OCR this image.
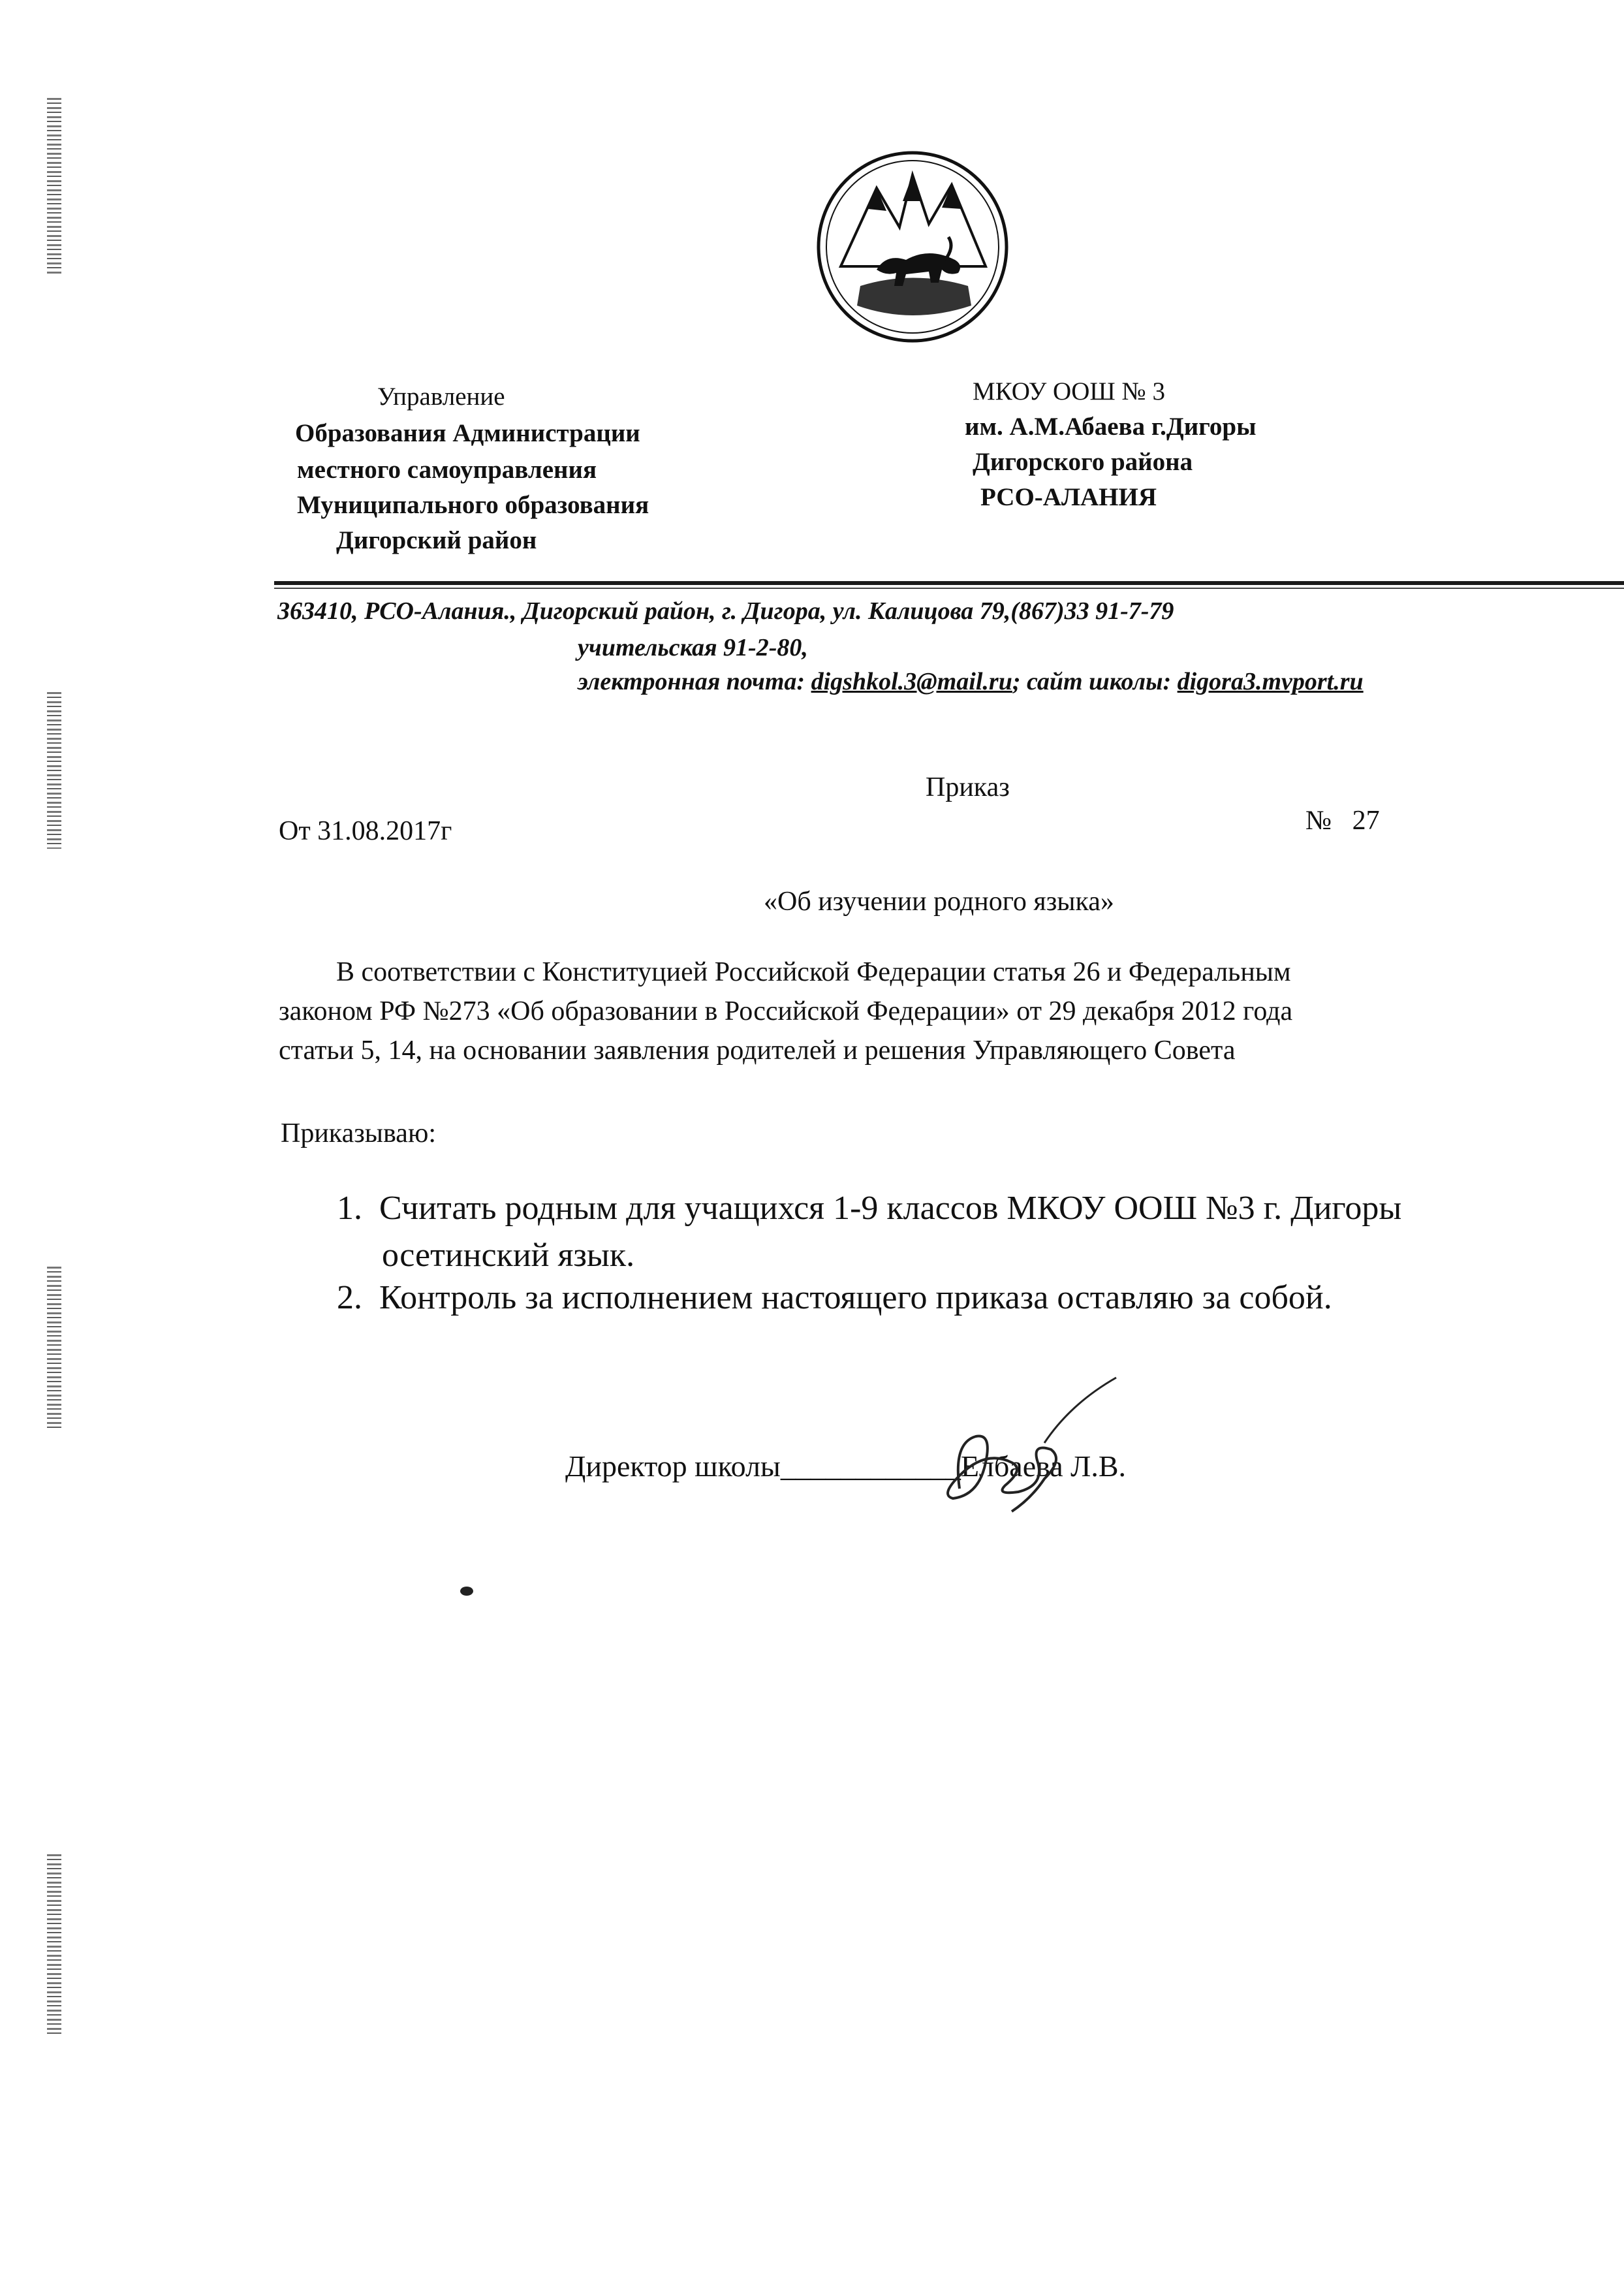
Управление
Образования Администрации
местного самоуправления
Муниципального образования
Дигорский район
МКОУ ООШ № 3
им. А.М.Абаева г.Дигоры
Дигорского района
РСО-АЛАНИЯ
363410, РСО-Алания., Дигорский район, г. Дигора, ул. Калицова 79,(867)33 91-7-79
учительская 91-2-80,
электронная почта: digshkol.3@mail.ru; сайт школы: digora3.mvport.ru
Приказ
От 31.08.2017г	№ 27
«Об изучении родного языка»
В соответствии с Конституцией Российской Федерации статья 26 и Федеральным
законом РФ №273 «Об образовании в Российской Федерации» от 29 декабря 2012 года
статьи 5, 14, на основании заявления родителей и решения Управляющего Совета
Приказываю:
1. Считать родным для учащихся 1-9 классов МКОУ ООШ №3 г. Дигоры
осетинский язык.
2. Контроль за исполнением настоящего приказа оставляю за собой.
Директор школы____________Елбаева Л.В.
